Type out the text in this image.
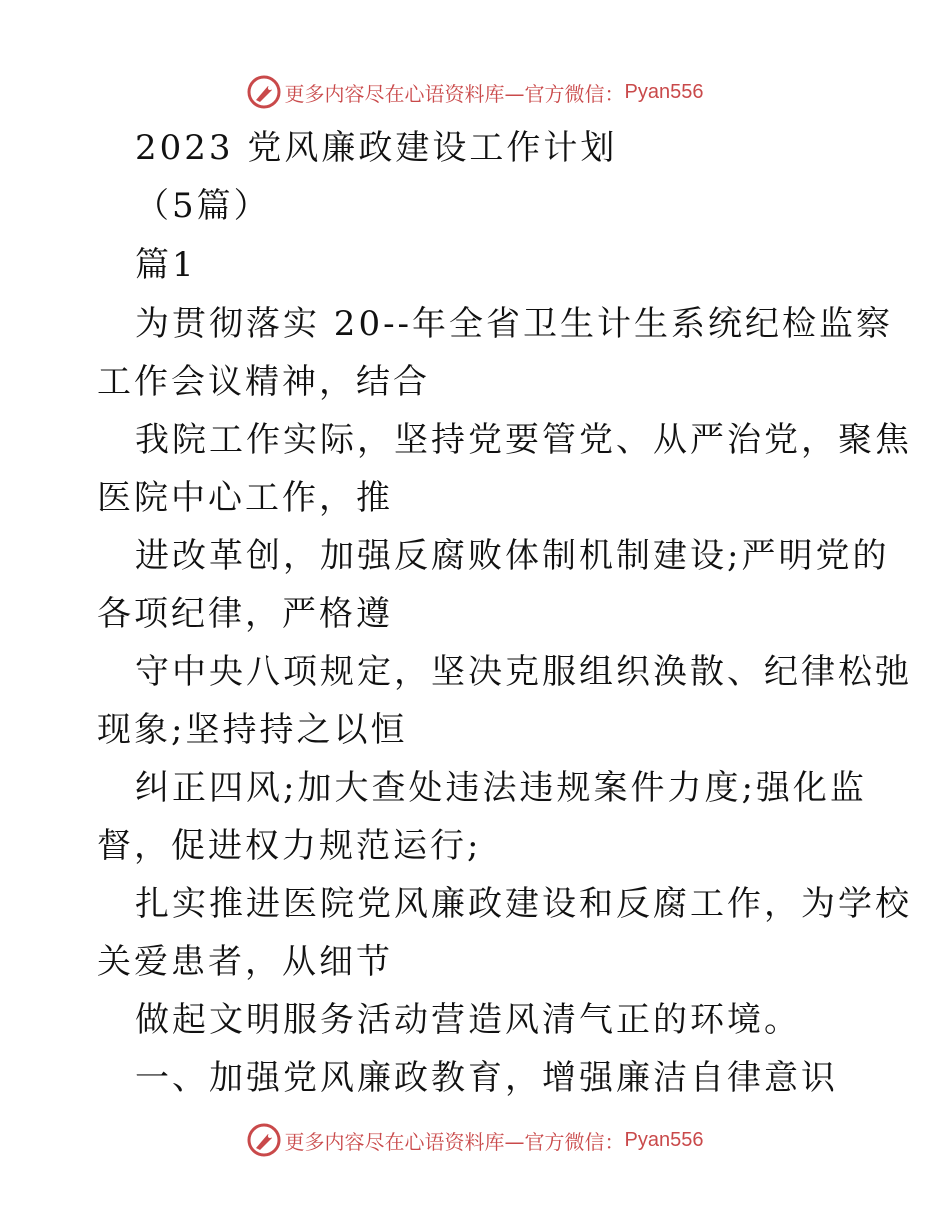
更多内容尽在心语资料库—官方微信： Pyan556
2023 党风廉政建设工作计划
（5篇）
篇1
为贯彻落实 20--年全省卫生计生系统纪检监察
工作会议精神，结合
我院工作实际，坚持党要管党、从严治党，聚焦
医院中心工作，推
进改革创，加强反腐败体制机制建设;严明党的
各项纪律，严格遵
守中央八项规定，坚决克服组织涣散、纪律松弛
现象;坚持持之以恒
纠正四风;加大查处违法违规案件力度;强化监
督，促进权力规范运行;
扎实推进医院党风廉政建设和反腐工作，为学校
关爱患者，从细节
做起文明服务活动营造风清气正的环境。
一、加强党风廉政教育，增强廉洁自律意识
更多内容尽在心语资料库—官方微信： Pyan556
